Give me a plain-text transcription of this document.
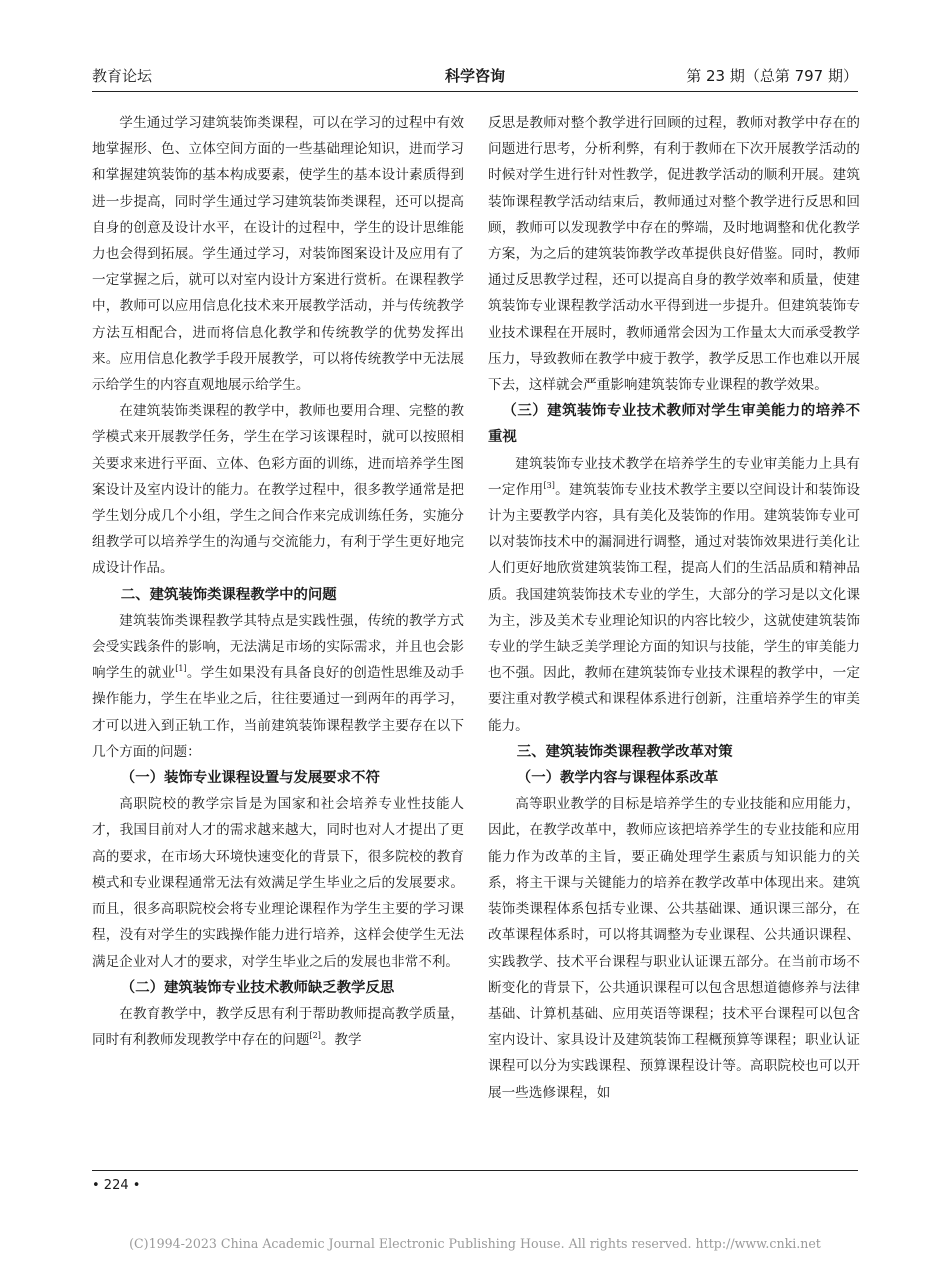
教育论坛	科学咨询	第 23 期（总第 797 期）

学生通过学习建筑装饰类课程，可以在学习的过程中有效地掌握形、色、立体空间方面的一些基础理论知识，进而学习和掌握建筑装饰的基本构成要素，使学生的基本设计素质得到进一步提高，同时学生通过学习建筑装饰类课程，还可以提高自身的创意及设计水平，在设计的过程中，学生的设计思维能力也会得到拓展。学生通过学习，对装饰图案设计及应用有了一定掌握之后，就可以对室内设计方案进行赏析。在课程教学中，教师可以应用信息化技术来开展教学活动，并与传统教学方法互相配合，进而将信息化教学和传统教学的优势发挥出来。应用信息化教学手段开展教学，可以将传统教学中无法展示给学生的内容直观地展示给学生。

在建筑装饰类课程的教学中，教师也要用合理、完整的教学模式来开展教学任务，学生在学习该课程时，就可以按照相关要求来进行平面、立体、色彩方面的训练，进而培养学生图案设计及室内设计的能力。在教学过程中，很多教学通常是把学生划分成几个小组，学生之间合作来完成训练任务，实施分组教学可以培养学生的沟通与交流能力，有利于学生更好地完成设计作品。

二、建筑装饰类课程教学中的问题

建筑装饰类课程教学其特点是实践性强，传统的教学方式会受实践条件的影响，无法满足市场的实际需求，并且也会影响学生的就业[1]。学生如果没有具备良好的创造性思维及动手操作能力，学生在毕业之后，往往要通过一到两年的再学习，才可以进入到正轨工作，当前建筑装饰课程教学主要存在以下几个方面的问题：

（一）装饰专业课程设置与发展要求不符

高职院校的教学宗旨是为国家和社会培养专业性技能人才，我国目前对人才的需求越来越大，同时也对人才提出了更高的要求，在市场大环境快速变化的背景下，很多院校的教育模式和专业课程通常无法有效满足学生毕业之后的发展要求。而且，很多高职院校会将专业理论课程作为学生主要的学习课程，没有对学生的实践操作能力进行培养，这样会使学生无法满足企业对人才的要求，对学生毕业之后的发展也非常不利。

（二）建筑装饰专业技术教师缺乏教学反思

在教育教学中，教学反思有利于帮助教师提高教学质量，同时有利教师发现教学中存在的问题[2]。教学

反思是教师对整个教学进行回顾的过程，教师对教学中存在的问题进行思考，分析利弊，有利于教师在下次开展教学活动的时候对学生进行针对性教学，促进教学活动的顺利开展。建筑装饰课程教学活动结束后，教师通过对整个教学进行反思和回顾，教师可以发现教学中存在的弊端，及时地调整和优化教学方案，为之后的建筑装饰教学改革提供良好借鉴。同时，教师通过反思教学过程，还可以提高自身的教学效率和质量，使建筑装饰专业课程教学活动水平得到进一步提升。但建筑装饰专业技术课程在开展时，教师通常会因为工作量太大而承受教学压力，导致教师在教学中疲于教学，教学反思工作也难以开展下去，这样就会严重影响建筑装饰专业课程的教学效果。

（三）建筑装饰专业技术教师对学生审美能力的培养不重视

建筑装饰专业技术教学在培养学生的专业审美能力上具有一定作用[3]。建筑装饰专业技术教学主要以空间设计和装饰设计为主要教学内容，具有美化及装饰的作用。建筑装饰专业可以对装饰技术中的漏洞进行调整，通过对装饰效果进行美化让人们更好地欣赏建筑装饰工程，提高人们的生活品质和精神品质。我国建筑装饰技术专业的学生，大部分的学习是以文化课为主，涉及美术专业理论知识的内容比较少，这就使建筑装饰专业的学生缺乏美学理论方面的知识与技能，学生的审美能力也不强。因此，教师在建筑装饰专业技术课程的教学中，一定要注重对教学模式和课程体系进行创新，注重培养学生的审美能力。

三、建筑装饰类课程教学改革对策
（一）教学内容与课程体系改革

高等职业教学的目标是培养学生的专业技能和应用能力，因此，在教学改革中，教师应该把培养学生的专业技能和应用能力作为改革的主旨，要正确处理学生素质与知识能力的关系，将主干课与关键能力的培养在教学改革中体现出来。建筑装饰类课程体系包括专业课、公共基础课、通识课三部分，在改革课程体系时，可以将其调整为专业课程、公共通识课程、实践教学、技术平台课程与职业认证课五部分。在当前市场不断变化的背景下，公共通识课程可以包含思想道德修养与法律基础、计算机基础、应用英语等课程；技术平台课程可以包含室内设计、家具设计及建筑装饰工程概预算等课程；职业认证课程可以分为实践课程、预算课程设计等。高职院校也可以开展一些选修课程，如

• 224 •
(C)1994-2023 China Academic Journal Electronic Publishing House. All rights reserved. http://www.cnki.net
